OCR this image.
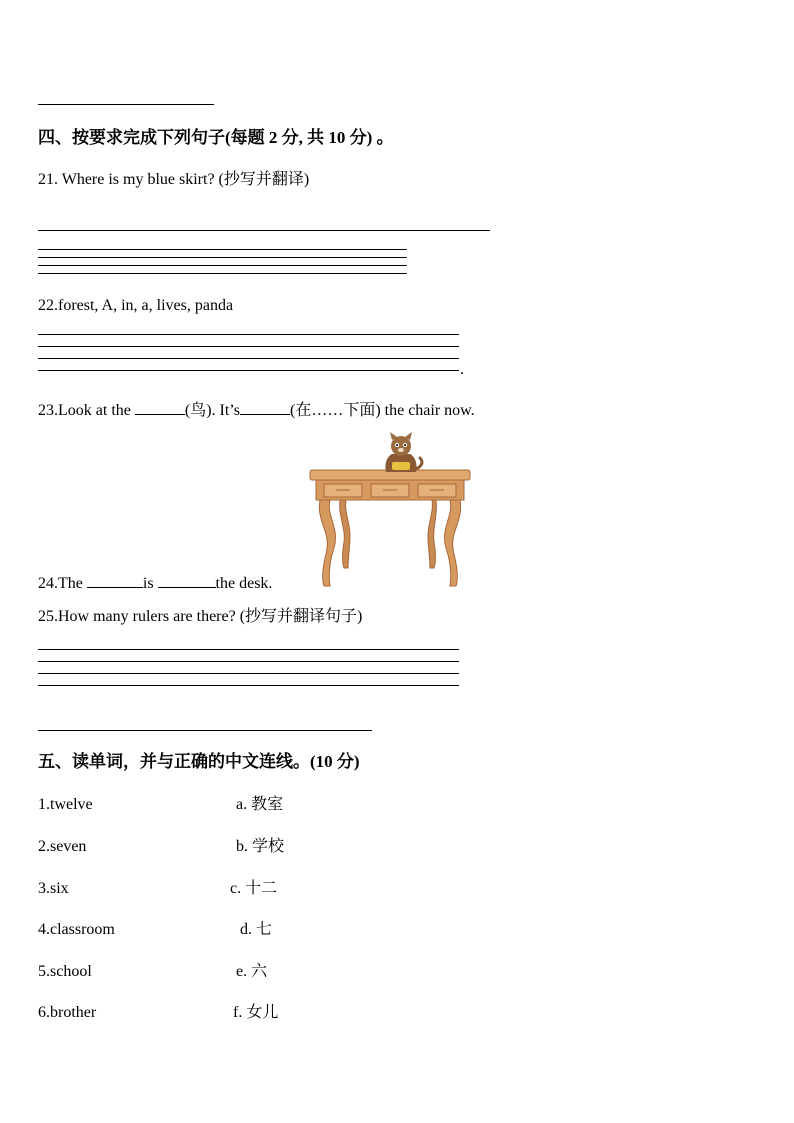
四、按要求完成下列句子(每题 2 分, 共 10 分) 。
21. Where is my blue skirt? (抄写并翻译)
22.forest, A, in, a, lives, panda
.
23.Look at the	(鸟). It’s	(在……下面) the chair now.
24.The	is	the desk.
25.How many rulers are there? (抄写并翻译句子)
五、读单词，并与正确的中文连线。(10 分)
1.twelve	a. 教室
2.seven	b. 学校
3.six	c. 十二
4.classroom	d. 七
5.school	e. 六
6.brother	f. 女儿
